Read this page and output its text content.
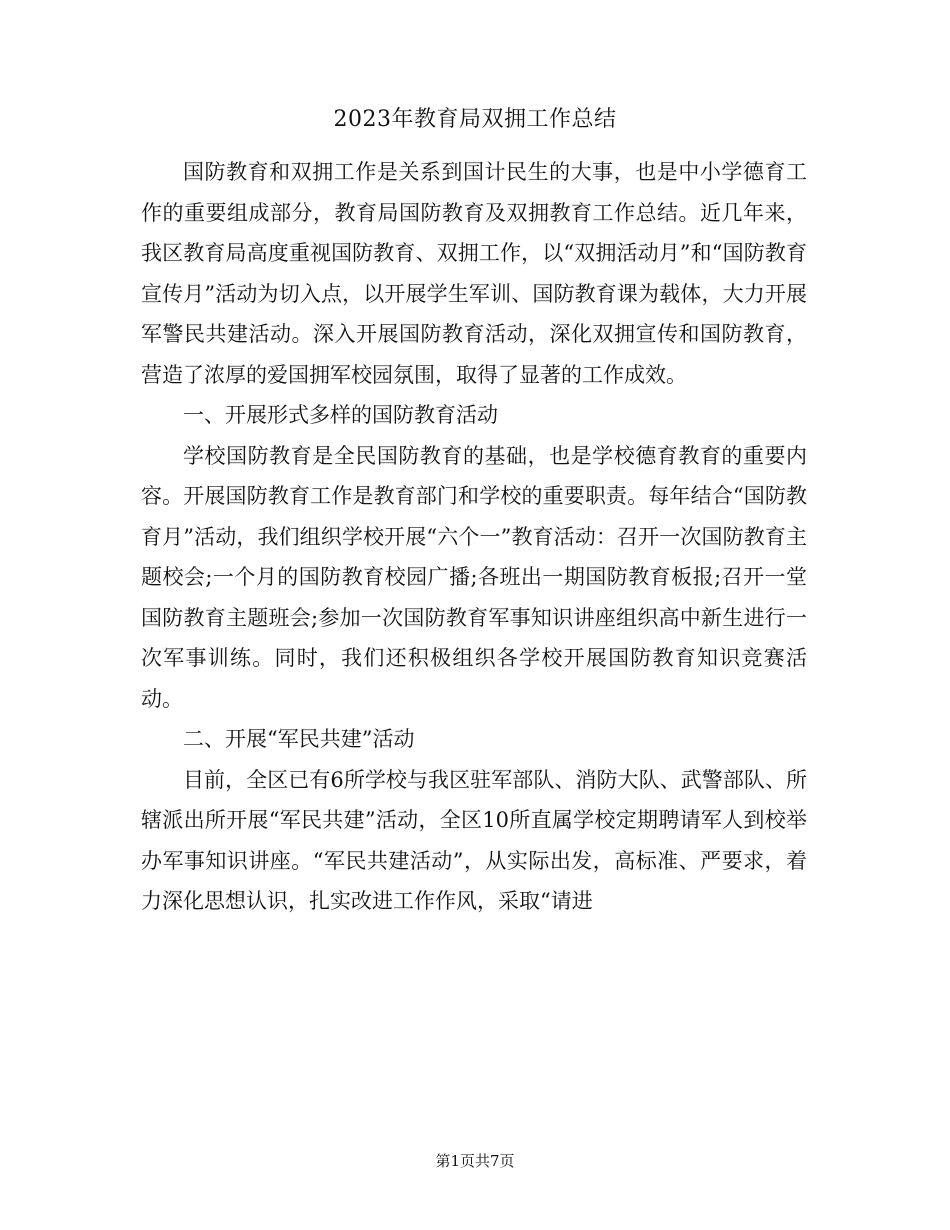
2023年教育局双拥工作总结

国防教育和双拥工作是关系到国计民生的大事，也是中小学德育工作的重要组成部分，教育局国防教育及双拥教育工作总结。近几年来，我区教育局高度重视国防教育、双拥工作，以“双拥活动月”和“国防教育宣传月”活动为切入点，以开展学生军训、国防教育课为载体，大力开展军警民共建活动。深入开展国防教育活动，深化双拥宣传和国防教育，营造了浓厚的爱国拥军校园氛围，取得了显著的工作成效。

一、开展形式多样的国防教育活动

学校国防教育是全民国防教育的基础，也是学校德育教育的重要内容。开展国防教育工作是教育部门和学校的重要职责。每年结合“国防教育月”活动，我们组织学校开展“六个一”教育活动：召开一次国防教育主题校会;一个月的国防教育校园广播;各班出一期国防教育板报;召开一堂国防教育主题班会;参加一次国防教育军事知识讲座组织高中新生进行一次军事训练。同时，我们还积极组织各学校开展国防教育知识竞赛活动。

二、开展“军民共建”活动

目前，全区已有6所学校与我区驻军部队、消防大队、武警部队、所辖派出所开展“军民共建”活动，全区10所直属学校定期聘请军人到校举办军事知识讲座。“军民共建活动”，从实际出发，高标准、严要求，着力深化思想认识，扎实改进工作作风，采取“请进

第1页共7页
